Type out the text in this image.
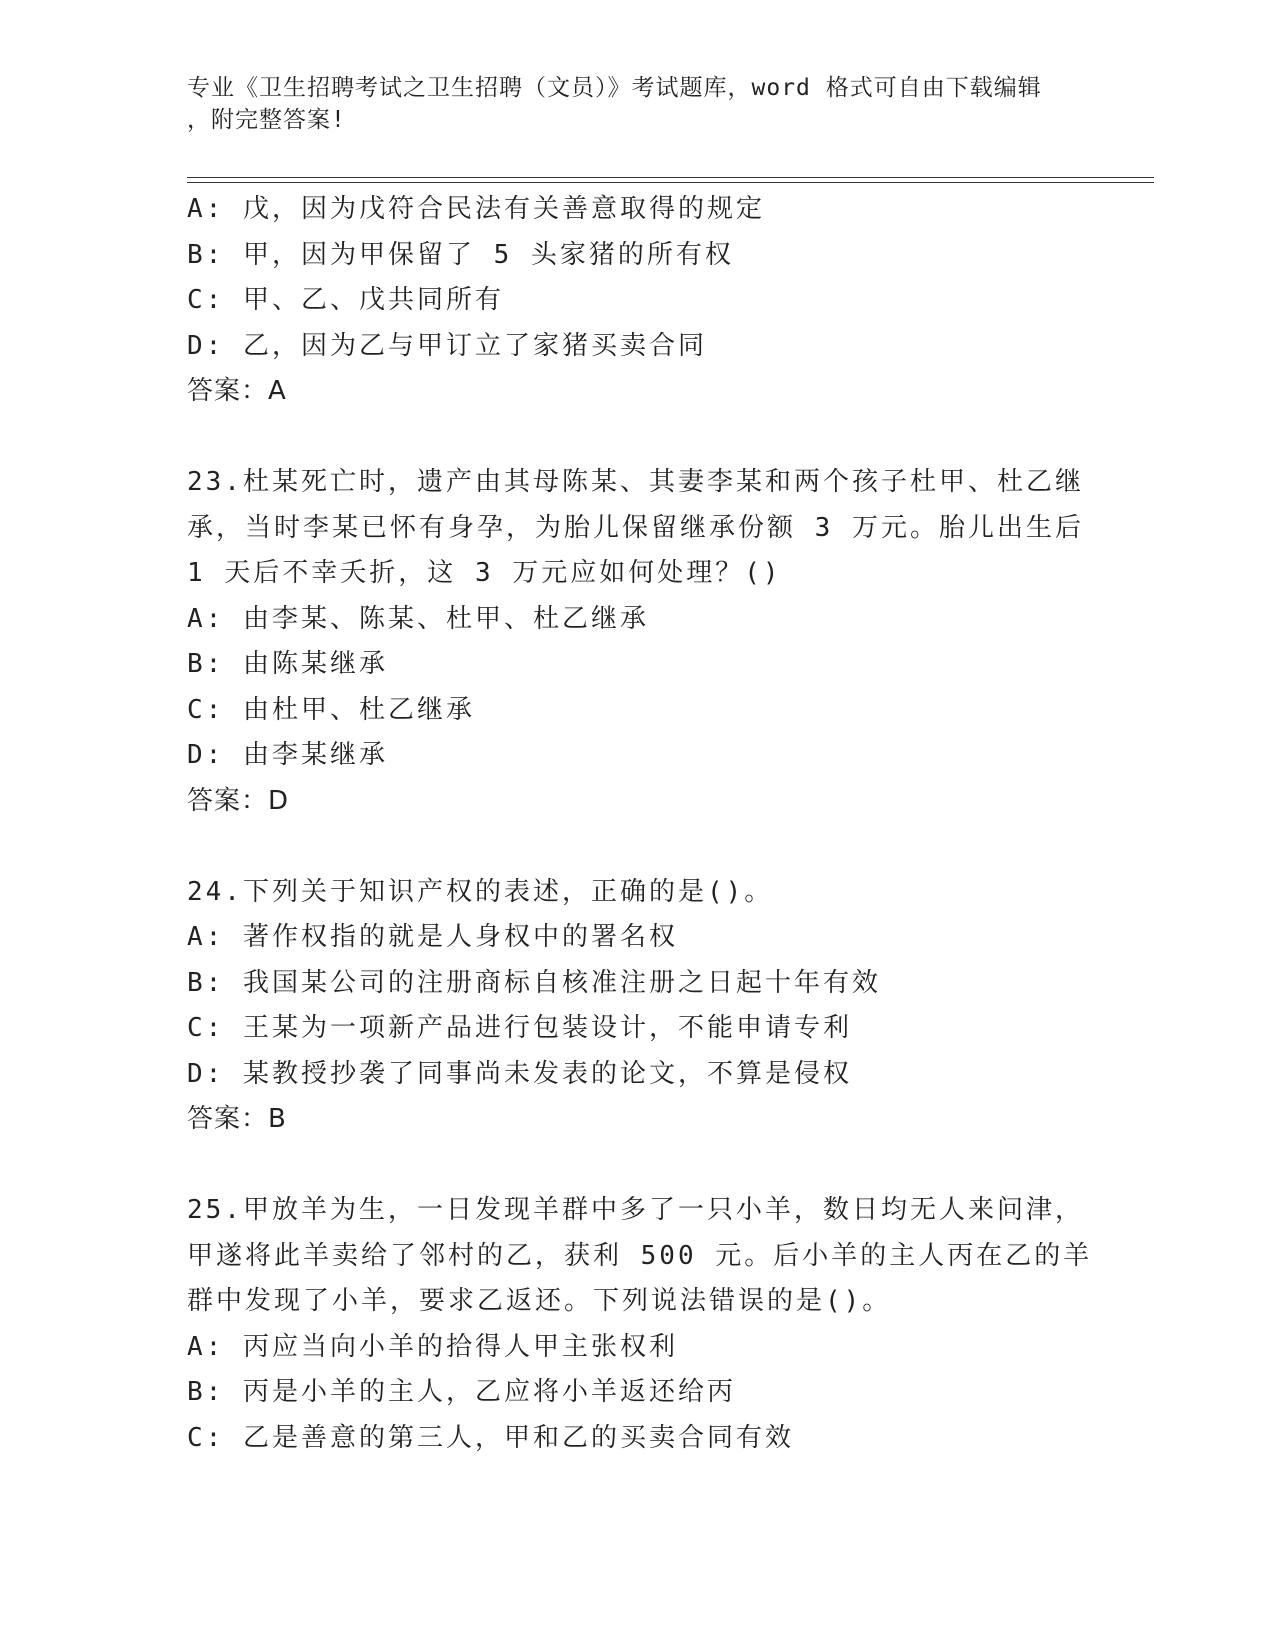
专业《卫生招聘考试之卫生招聘（文员）》考试题库，word 格式可自由下载编辑
，附完整答案!
A: 戊，因为戊符合民法有关善意取得的规定
B: 甲，因为甲保留了 5 头家猪的所有权
C: 甲、乙、戊共同所有
D: 乙，因为乙与甲订立了家猪买卖合同
答案：A
23.杜某死亡时，遗产由其母陈某、其妻李某和两个孩子杜甲、杜乙继
承，当时李某已怀有身孕，为胎儿保留继承份额 3 万元。胎儿出生后
1 天后不幸夭折，这 3 万元应如何处理？()
A: 由李某、陈某、杜甲、杜乙继承
B: 由陈某继承
C: 由杜甲、杜乙继承
D: 由李某继承
答案：D
24.下列关于知识产权的表述，正确的是()。
A: 著作权指的就是人身权中的署名权
B: 我国某公司的注册商标自核准注册之日起十年有效
C: 王某为一项新产品进行包装设计，不能申请专利
D: 某教授抄袭了同事尚未发表的论文，不算是侵权
答案：B
25.甲放羊为生，一日发现羊群中多了一只小羊，数日均无人来问津，
甲遂将此羊卖给了邻村的乙，获利 500 元。后小羊的主人丙在乙的羊
群中发现了小羊，要求乙返还。下列说法错误的是()。
A: 丙应当向小羊的拾得人甲主张权利
B: 丙是小羊的主人，乙应将小羊返还给丙
C: 乙是善意的第三人，甲和乙的买卖合同有效
